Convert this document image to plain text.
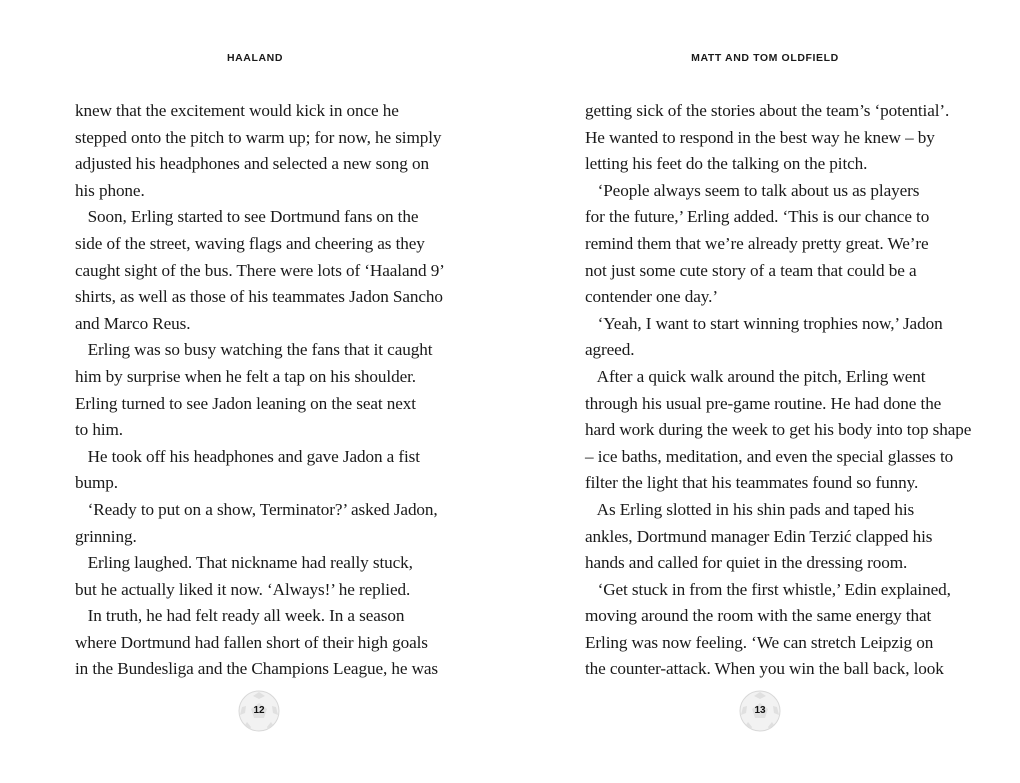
HAALAND
knew that the excitement would kick in once he
stepped onto the pitch to warm up; for now, he simply
adjusted his headphones and selected a new song on
his phone.
Soon, Erling started to see Dortmund fans on the
side of the street, waving flags and cheering as they
caught sight of the bus. There were lots of ‘Haaland 9’
shirts, as well as those of his teammates Jadon Sancho
and Marco Reus.
Erling was so busy watching the fans that it caught
him by surprise when he felt a tap on his shoulder.
Erling turned to see Jadon leaning on the seat next
to him.
He took off his headphones and gave Jadon a fist
bump.
‘Ready to put on a show, Terminator?’ asked Jadon,
grinning.
Erling laughed. That nickname had really stuck,
but he actually liked it now. ‘Always!’ he replied.
In truth, he had felt ready all week. In a season
where Dortmund had fallen short of their high goals
in the Bundesliga and the Champions League, he was
12
MATT AND TOM OLDFIELD
getting sick of the stories about the team’s ‘potential’.
He wanted to respond in the best way he knew – by
letting his feet do the talking on the pitch.
‘People always seem to talk about us as players
for the future,’ Erling added. ‘This is our chance to
remind them that we’re already pretty great. We’re
not just some cute story of a team that could be a
contender one day.’
‘Yeah, I want to start winning trophies now,’ Jadon
agreed.
After a quick walk around the pitch, Erling went
through his usual pre-game routine. He had done the
hard work during the week to get his body into top shape
– ice baths, meditation, and even the special glasses to
filter the light that his teammates found so funny.
As Erling slotted in his shin pads and taped his
ankles, Dortmund manager Edin Terzić clapped his
hands and called for quiet in the dressing room.
‘Get stuck in from the first whistle,’ Edin explained,
moving around the room with the same energy that
Erling was now feeling. ‘We can stretch Leipzig on
the counter-attack. When you win the ball back, look
13
